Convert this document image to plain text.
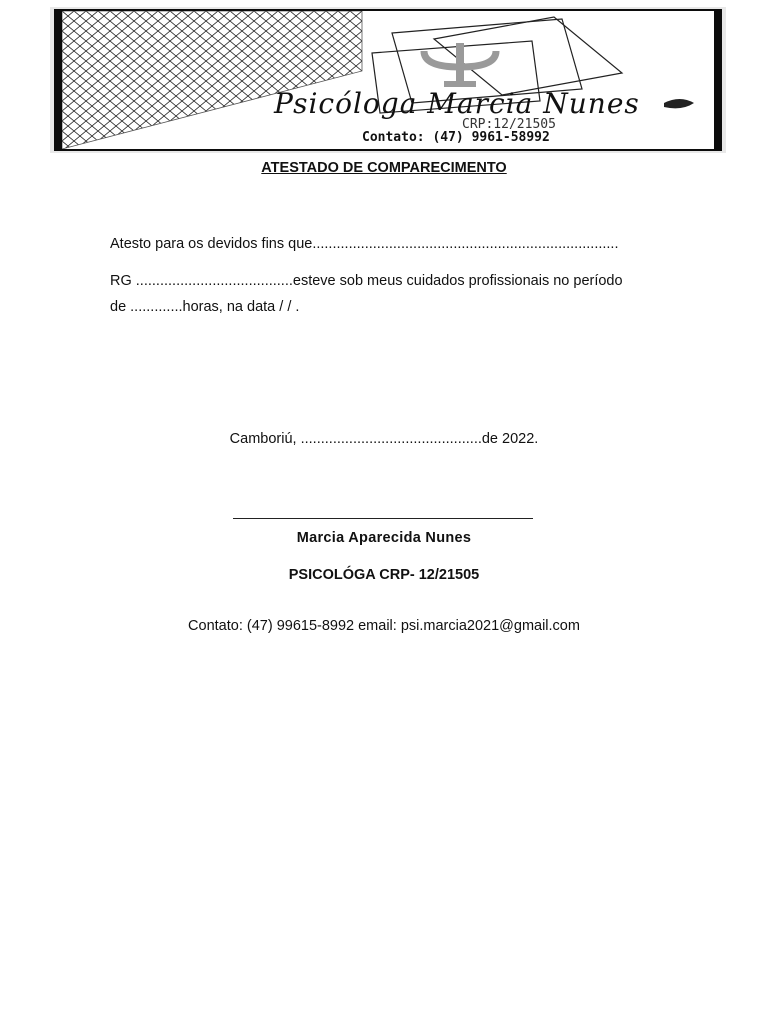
Psicóloga Marcia Nunes
CRP:12/21505
Contato: (47) 9961-58992
ATESTADO DE COMPARECIMENTO
Atesto para os devidos fins que............................................................................
RG .......................................esteve sob meus cuidados profissionais no período
de .............horas, na data / / .
Camboriú, .............................................de 2022.
Marcia Aparecida Nunes
PSICOLÓGA CRP- 12/21505
Contato: (47) 99615-8992 email: psi.marcia2021@gmail.com
